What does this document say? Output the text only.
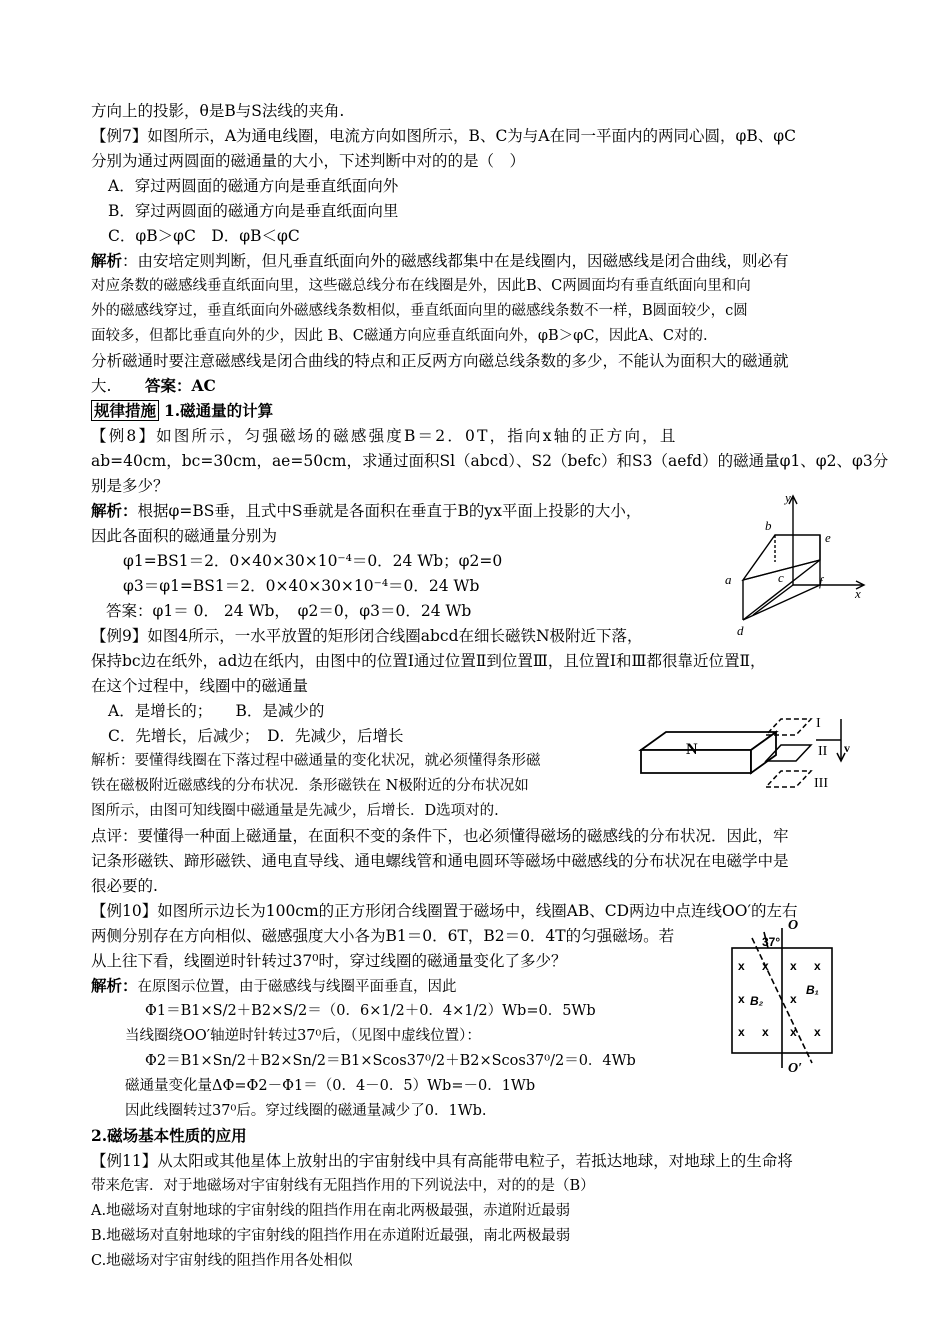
方向上的投影，θ是B与S法线的夹角.
【例7】如图所示，A为通电线圈，电流方向如图所示，B、C为与A在同一平面内的两同心圆，φB、φC
分别为通过两圆面的磁通量的大小，下述判断中对的的是（　）
A．穿过两圆面的磁通方向是垂直纸面向外
B．穿过两圆面的磁通方向是垂直纸面向里
C．φB＞φC　D．φB＜φC
解析：由安培定则判断，但凡垂直纸面向外的磁感线都集中在是线圈内，因磁感线是闭合曲线，则必有
对应条数的磁感线垂直纸面向里，这些磁总线分布在线圈是外，因此B、C两圆面均有垂直纸面向里和向
外的磁感线穿过，垂直纸面向外磁感线条数相似，垂直纸面向里的磁感线条数不一样，B圆面较少，c圆
面较多，但都比垂直向外的少，因此 B、C磁通方向应垂直纸面向外，φB＞φC，因此A、C对的.
分析磁通时要注意磁感线是闭合曲线的特点和正反两方向磁总线条数的多少，不能认为面积大的磁通就
大. 答案：AC
规律措施 1.磁通量的计算
【例8】如图所示，匀强磁场的磁感强度B＝2．0T，指向x轴的正方向，且
ab=40cm，bc=30cm，ae=50cm，求通过面积Sl（abcd）、S2（befc）和S3（aefd）的磁通量φ1、φ2、φ3分
别是多少？
解析：根据φ=BS垂，且式中S垂就是各面积在垂直于B的yx平面上投影的大小，
因此各面积的磁通量分别为
φ1=BS1＝2．0×40×30×10⁻⁴＝0．24 Wb；φ2=0
φ3＝φ1=BS1＝2．0×40×30×10⁻⁴＝0．24 Wb
答案：φ1＝ 0． 24 Wb，　φ2＝0，φ3＝0．24 Wb
【例9】如图4所示，一水平放置的矩形闭合线圈abcd在细长磁铁N极附近下落，
保持bc边在纸外，ad边在纸内，由图中的位置Ⅰ通过位置Ⅱ到位置Ⅲ，且位置Ⅰ和Ⅲ都很靠近位置Ⅱ，
在这个过程中，线圈中的磁通量
A．是增长的；　　B．是减少的
C．先增长，后减少；　D．先减少，后增长
解析：要懂得线圈在下落过程中磁通量的变化状况，就必须懂得条形磁
铁在磁极附近磁感线的分布状况．条形磁铁在 N极附近的分布状况如
图所示，由图可知线圈中磁通量是先减少，后增长．D选项对的.
点评：要懂得一种面上磁通量，在面积不变的条件下，也必须懂得磁场的磁感线的分布状况．因此，牢
记条形磁铁、蹄形磁铁、通电直导线、通电螺线管和通电圆环等磁场中磁感线的分布状况在电磁学中是
很必要的.
【例10】如图所示边长为100cm的正方形闭合线圈置于磁场中，线圈AB、CD两边中点连线OO′的左右
两侧分别存在方向相似、磁感强度大小各为B1＝0．6T，B2＝0．4T的匀强磁场。若
从上往下看，线圈逆时针转过37⁰时，穿过线圈的磁通量变化了多少？
解析：在原图示位置，由于磁感线与线圈平面垂直，因此
Φ1＝B1×S/2＋B2×S/2＝（0．6×1/2＋0．4×1/2）Wb=0．5Wb
当线圈绕OO′轴逆时针转过37⁰后，（见图中虚线位置）：
Φ2＝B1×Sn/2＋B2×Sn/2＝B1×Scos37⁰/2＋B2×Scos37⁰/2＝0．4Wb
磁通量变化量ΔΦ=Φ2－Φ1＝（0．4－0．5）Wb=－0．1Wb
因此线圈转过37⁰后。穿过线圈的磁通量减少了0．1Wb.
2.磁场基本性质的应用
【例11】从太阳或其他星体上放射出的宇宙射线中具有高能带电粒子，若抵达地球，对地球上的生命将
带来危害．对于地磁场对宇宙射线有无阻挡作用的下列说法中，对的的是（B）
A.地磁场对直射地球的宇宙射线的阻挡作用在南北两极最强，赤道附近最弱
B.地磁场对直射地球的宇宙射线的阻挡作用在赤道附近最强，南北两极最弱
C.地磁场对宇宙射线的阻挡作用各处相似
y
x
b
e
a	c	f
d
N
I
II
III
v
O
O′
37°
B₂
B₁
x x x x
x	x
x x x x
